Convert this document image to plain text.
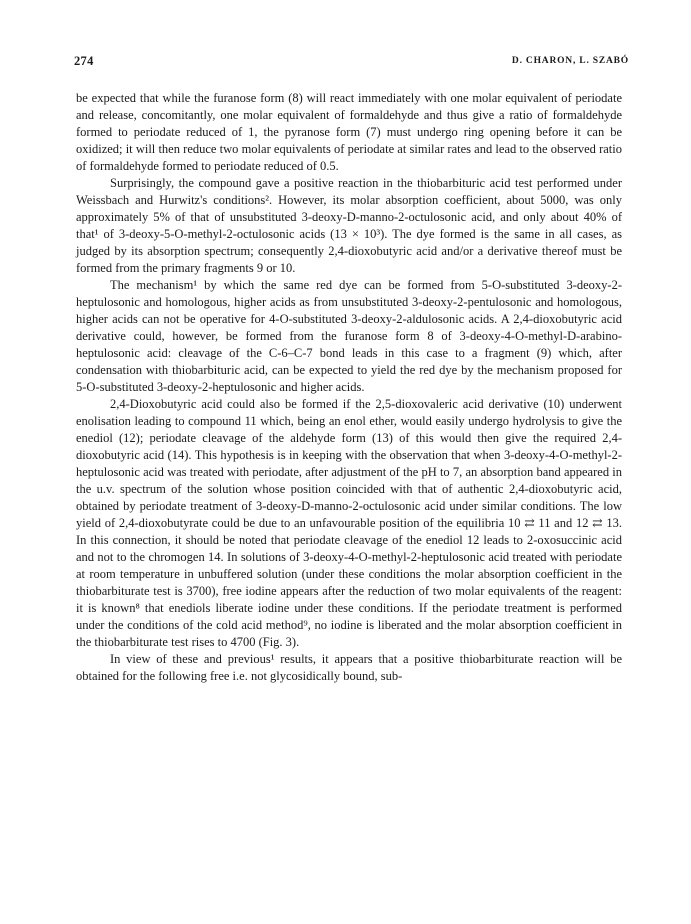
274	D. CHARON, L. SZABÓ

be expected that while the furanose form (8) will react immediately with one molar equivalent of periodate and release, concomitantly, one molar equivalent of formaldehyde and thus give a ratio of formaldehyde formed to periodate reduced of 1, the pyranose form (7) must undergo ring opening before it can be oxidized; it will then reduce two molar equivalents of periodate at similar rates and lead to the observed ratio of formaldehyde formed to periodate reduced of 0.5.

Surprisingly, the compound gave a positive reaction in the thiobarbituric acid test performed under Weissbach and Hurwitz's conditions². However, its molar absorption coefficient, about 5000, was only approximately 5% of that of unsubstituted 3-deoxy-D-manno-2-octulosonic acid, and only about 40% of that¹ of 3-deoxy-5-O-methyl-2-octulosonic acids (13 × 10³). The dye formed is the same in all cases, as judged by its absorption spectrum; consequently 2,4-dioxobutyric acid and/or a derivative thereof must be formed from the primary fragments 9 or 10.

The mechanism¹ by which the same red dye can be formed from 5-O-substituted 3-deoxy-2-heptulosonic and homologous, higher acids as from unsubstituted 3-deoxy-2-pentulosonic and homologous, higher acids can not be operative for 4-O-substituted 3-deoxy-2-aldulosonic acids. A 2,4-dioxobutyric acid derivative could, however, be formed from the furanose form 8 of 3-deoxy-4-O-methyl-D-arabino-heptulosonic acid: cleavage of the C-6–C-7 bond leads in this case to a fragment (9) which, after condensation with thiobarbituric acid, can be expected to yield the red dye by the mechanism proposed for 5-O-substituted 3-deoxy-2-heptulosonic and higher acids.

2,4-Dioxobutyric acid could also be formed if the 2,5-dioxovaleric acid derivative (10) underwent enolisation leading to compound 11 which, being an enol ether, would easily undergo hydrolysis to give the enediol (12); periodate cleavage of the aldehyde form (13) of this would then give the required 2,4-dioxobutyric acid (14). This hypothesis is in keeping with the observation that when 3-deoxy-4-O-methyl-2-heptulosonic acid was treated with periodate, after adjustment of the pH to 7, an absorption band appeared in the u.v. spectrum of the solution whose position coincided with that of authentic 2,4-dioxobutyric acid, obtained by periodate treatment of 3-deoxy-D-manno-2-octulosonic acid under similar conditions. The low yield of 2,4-dioxobutyrate could be due to an unfavourable position of the equilibria 10 ⇄ 11 and 12 ⇄ 13. In this connection, it should be noted that periodate cleavage of the enediol 12 leads to 2-oxosuccinic acid and not to the chromogen 14. In solutions of 3-deoxy-4-O-methyl-2-heptulosonic acid treated with periodate at room temperature in unbuffered solution (under these conditions the molar absorption coefficient in the thiobarbiturate test is 3700), free iodine appears after the reduction of two molar equivalents of the reagent: it is known⁸ that enediols liberate iodine under these conditions. If the periodate treatment is performed under the conditions of the cold acid method⁹, no iodine is liberated and the molar absorption coefficient in the thiobarbiturate test rises to 4700 (Fig. 3).

In view of these and previous¹ results, it appears that a positive thiobarbiturate reaction will be obtained for the following free i.e. not glycosidically bound, sub-
